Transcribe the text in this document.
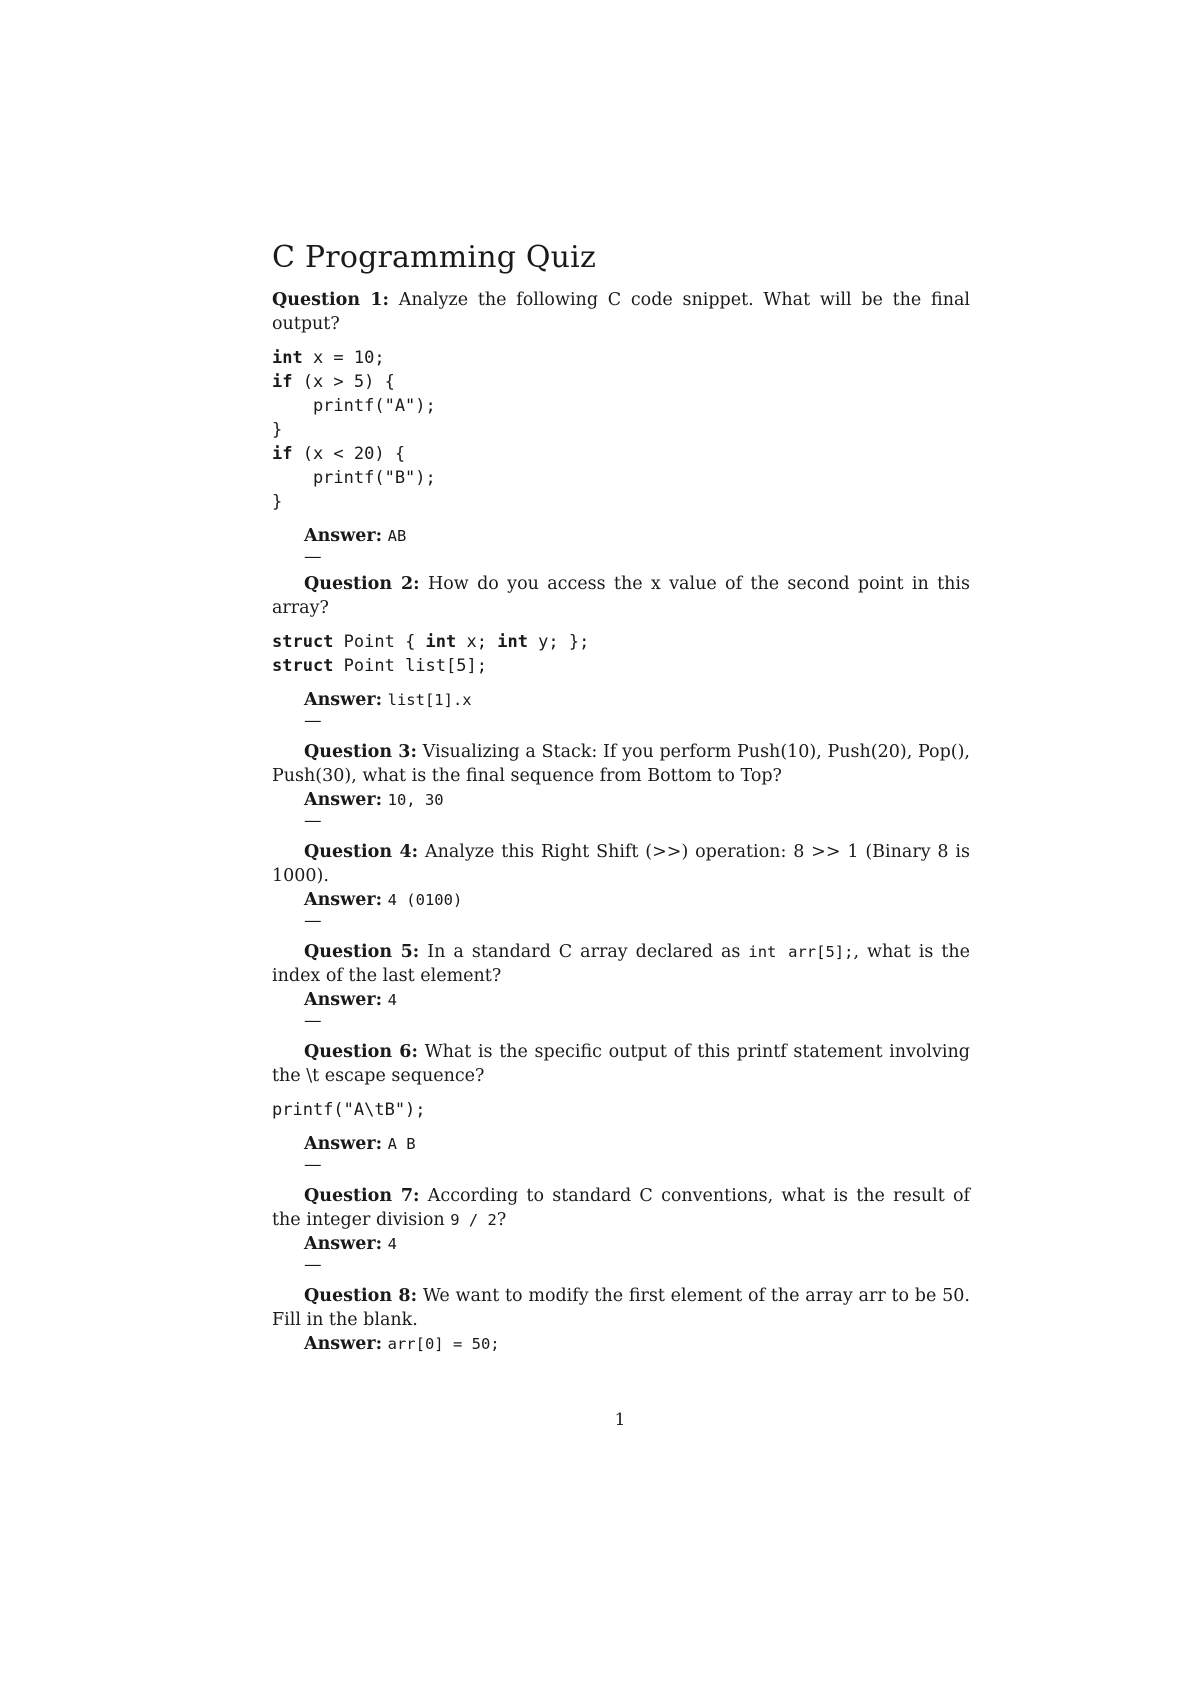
C Programming Quiz

Question 1: Analyze the following C code snippet. What will be the final output?

int x = 10;
if (x > 5) {
printf("A");
}
if (x < 20) {
printf("B");
}

Answer: AB

—

Question 2: How do you access the x value of the second point in this array?

struct Point { int x; int y; };
struct Point list[5];

Answer: list[1].x

—

Question 3: Visualizing a Stack: If you perform Push(10), Push(20), Pop(), Push(30), what is the final sequence from Bottom to Top?

Answer: 10, 30

—

Question 4: Analyze this Right Shift (>>) operation: 8 >> 1 (Binary 8 is 1000).

Answer: 4 (0100)

—

Question 5: In a standard C array declared as int arr[5];, what is the index of the last element?

Answer: 4

—

Question 6: What is the specific output of this printf statement involving the \t escape sequence?

printf("A\tB");

Answer: A B

—

Question 7: According to standard C conventions, what is the result of the integer division 9 / 2?

Answer: 4

—

Question 8: We want to modify the first element of the array arr to be 50. Fill in the blank.

Answer: arr[0] = 50;

1
